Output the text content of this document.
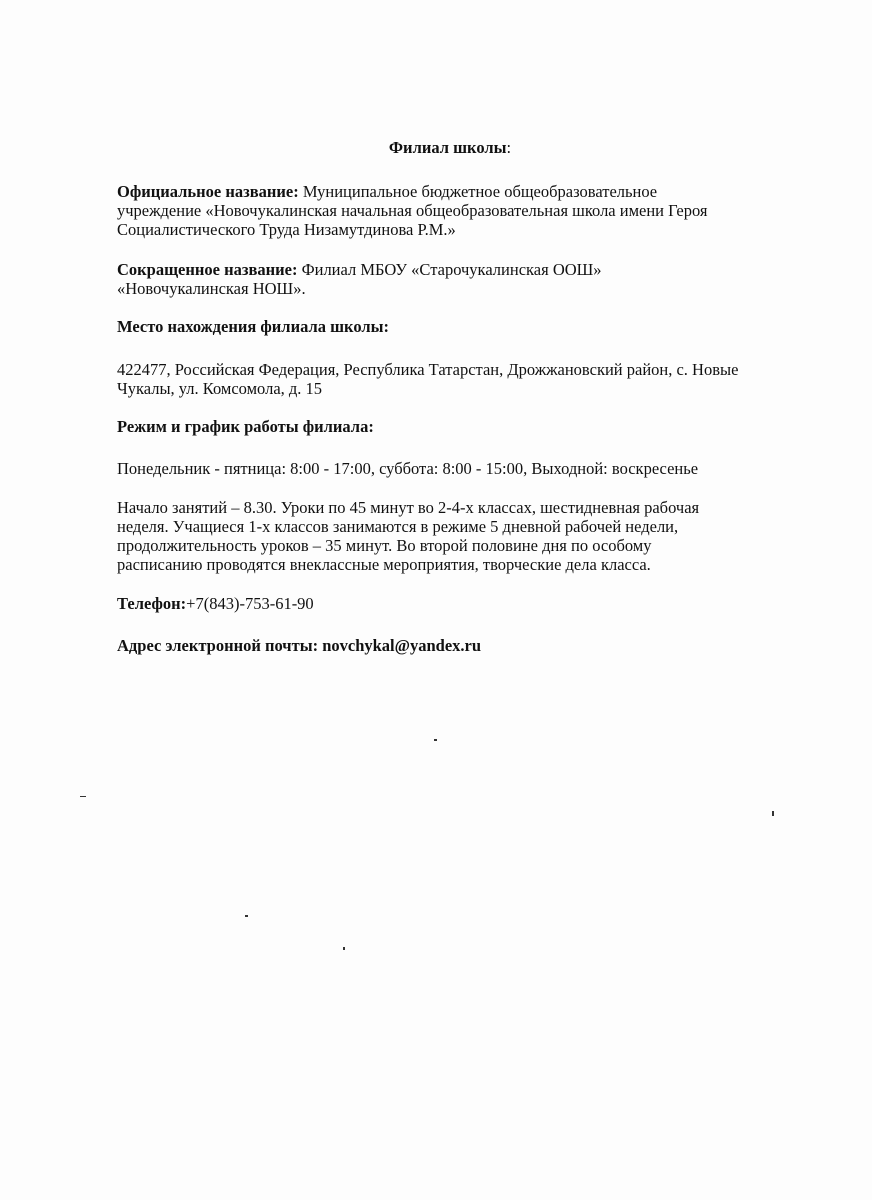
Филиал школы:

Официальное название: Муниципальное бюджетное общеобразовательное

учреждение «Новочукалинская начальная общеобразовательная школа имени Героя

Социалистического Труда Низамутдинова Р.М.»

Сокращенное название: Филиал МБОУ «Старочукалинская ООШ»

«Новочукалинская НОШ».

Место нахождения филиала школы:

422477, Российская Федерация, Республика Татарстан, Дрожжановский район, с. Новые

Чукалы, ул. Комсомола, д. 15

Режим и график работы филиала:

Понедельник - пятница: 8:00 - 17:00, суббота: 8:00 - 15:00, Выходной: воскресенье

Начало занятий – 8.30. Уроки по 45 минут во 2-4-х классах, шестидневная рабочая

неделя. Учащиеся 1-х классов занимаются в режиме 5 дневной рабочей недели,

продолжительность уроков – 35 минут. Во второй половине дня по особому

расписанию проводятся внеклассные мероприятия, творческие дела класса.

Телефон:+7(843)-753-61-90

Адрес электронной почты: novchykal@yandex.ru
